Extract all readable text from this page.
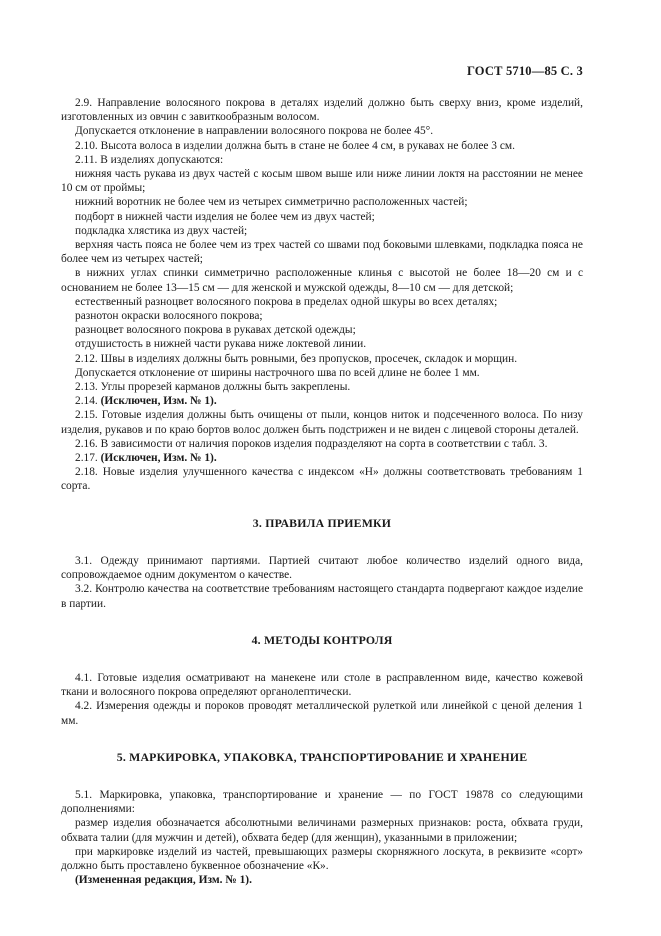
ГОСТ 5710—85 С. 3

2.9. Направление волосяного покрова в деталях изделий должно быть сверху вниз, кроме изделий, изготовленных из овчин с завиткообразным волосом.

Допускается отклонение в направлении волосяного покрова не более 45°.

2.10. Высота волоса в изделии должна быть в стане не более 4 см, в рукавах не более 3 см.

2.11. В изделиях допускаются:

нижняя часть рукава из двух частей с косым швом выше или ниже линии локтя на расстоянии не менее 10 см от проймы;

нижний воротник не более чем из четырех симметрично расположенных частей;

подборт в нижней части изделия не более чем из двух частей;

подкладка хлястика из двух частей;

верхняя часть пояса не более чем из трех частей со швами под боковыми шлевками, подкладка пояса не более чем из четырех частей;

в нижних углах спинки симметрично расположенные клинья с высотой не более 18—20 см и с основанием не более 13—15 см — для женской и мужской одежды, 8—10 см — для детской;

естественный разноцвет волосяного покрова в пределах одной шкуры во всех деталях;

разнотон окраски волосяного покрова;

разноцвет волосяного покрова в рукавах детской одежды;

отдушистость в нижней части рукава ниже локтевой линии.

2.12. Швы в изделиях должны быть ровными, без пропусков, просечек, складок и морщин.

Допускается отклонение от ширины настрочного шва по всей длине не более 1 мм.

2.13. Углы прорезей карманов должны быть закреплены.

2.14. (Исключен, Изм. № 1).

2.15. Готовые изделия должны быть очищены от пыли, концов ниток и подсеченного волоса. По низу изделия, рукавов и по краю бортов волос должен быть подстрижен и не виден с лицевой стороны деталей.

2.16. В зависимости от наличия пороков изделия подразделяют на сорта в соответствии с табл. 3.

2.17. (Исключен, Изм. № 1).

2.18. Новые изделия улучшенного качества с индексом «Н» должны соответствовать требованиям 1 сорта.

3. ПРАВИЛА ПРИЕМКИ

3.1. Одежду принимают партиями. Партией считают любое количество изделий одного вида, сопровождаемое одним документом о качестве.

3.2. Контролю качества на соответствие требованиям настоящего стандарта подвергают каждое изделие в партии.

4. МЕТОДЫ КОНТРОЛЯ

4.1. Готовые изделия осматривают на манекене или столе в расправленном виде, качество кожевой ткани и волосяного покрова определяют органолептически.

4.2. Измерения одежды и пороков проводят металлической рулеткой или линейкой с ценой деления 1 мм.

5. МАРКИРОВКА, УПАКОВКА, ТРАНСПОРТИРОВАНИЕ И ХРАНЕНИЕ

5.1. Маркировка, упаковка, транспортирование и хранение — по ГОСТ 19878 со следующими дополнениями:

размер изделия обозначается абсолютными величинами размерных признаков: роста, обхвата груди, обхвата талии (для мужчин и детей), обхвата бедер (для женщин), указанными в приложении;

при маркировке изделий из частей, превышающих размеры скорняжного лоскута, в реквизите «сорт» должно быть проставлено буквенное обозначение «К».

(Измененная редакция, Изм. № 1).
